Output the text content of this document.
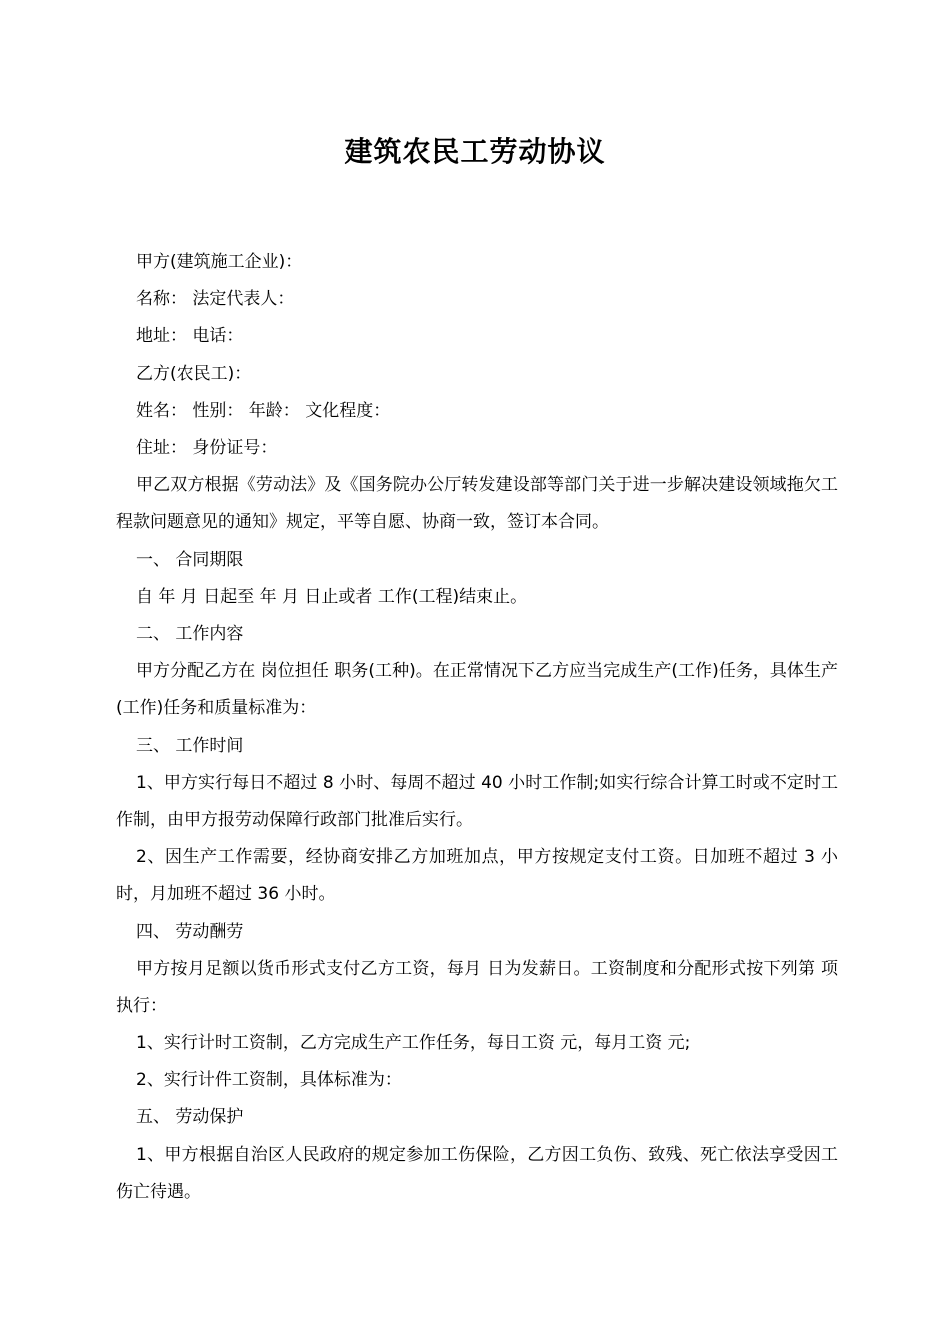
建筑农民工劳动协议
甲方(建筑施工企业)：
名称： 法定代表人：
地址： 电话：
乙方(农民工)：
姓名： 性别： 年龄： 文化程度：
住址： 身份证号：
甲乙双方根据《劳动法》及《国务院办公厅转发建设部等部门关于进一步解决建设领域拖欠工程款问题意见的通知》规定，平等自愿、协商一致，签订本合同。
一、 合同期限
自 年 月 日起至 年 月 日止或者 工作(工程)结束止。
二、 工作内容
甲方分配乙方在 岗位担任 职务(工种)。在正常情况下乙方应当完成生产(工作)任务，具体生产(工作)任务和质量标准为：
三、 工作时间
1、甲方实行每日不超过 8 小时、每周不超过 40 小时工作制;如实行综合计算工时或不定时工作制，由甲方报劳动保障行政部门批准后实行。
2、因生产工作需要，经协商安排乙方加班加点，甲方按规定支付工资。日加班不超过 3 小时，月加班不超过 36 小时。
四、 劳动酬劳
甲方按月足额以货币形式支付乙方工资，每月 日为发薪日。工资制度和分配形式按下列第 项执行：
1、实行计时工资制，乙方完成生产工作任务，每日工资 元，每月工资 元;
2、实行计件工资制，具体标准为：
五、 劳动保护
1、甲方根据自治区人民政府的规定参加工伤保险，乙方因工负伤、致残、死亡依法享受因工伤亡待遇。
